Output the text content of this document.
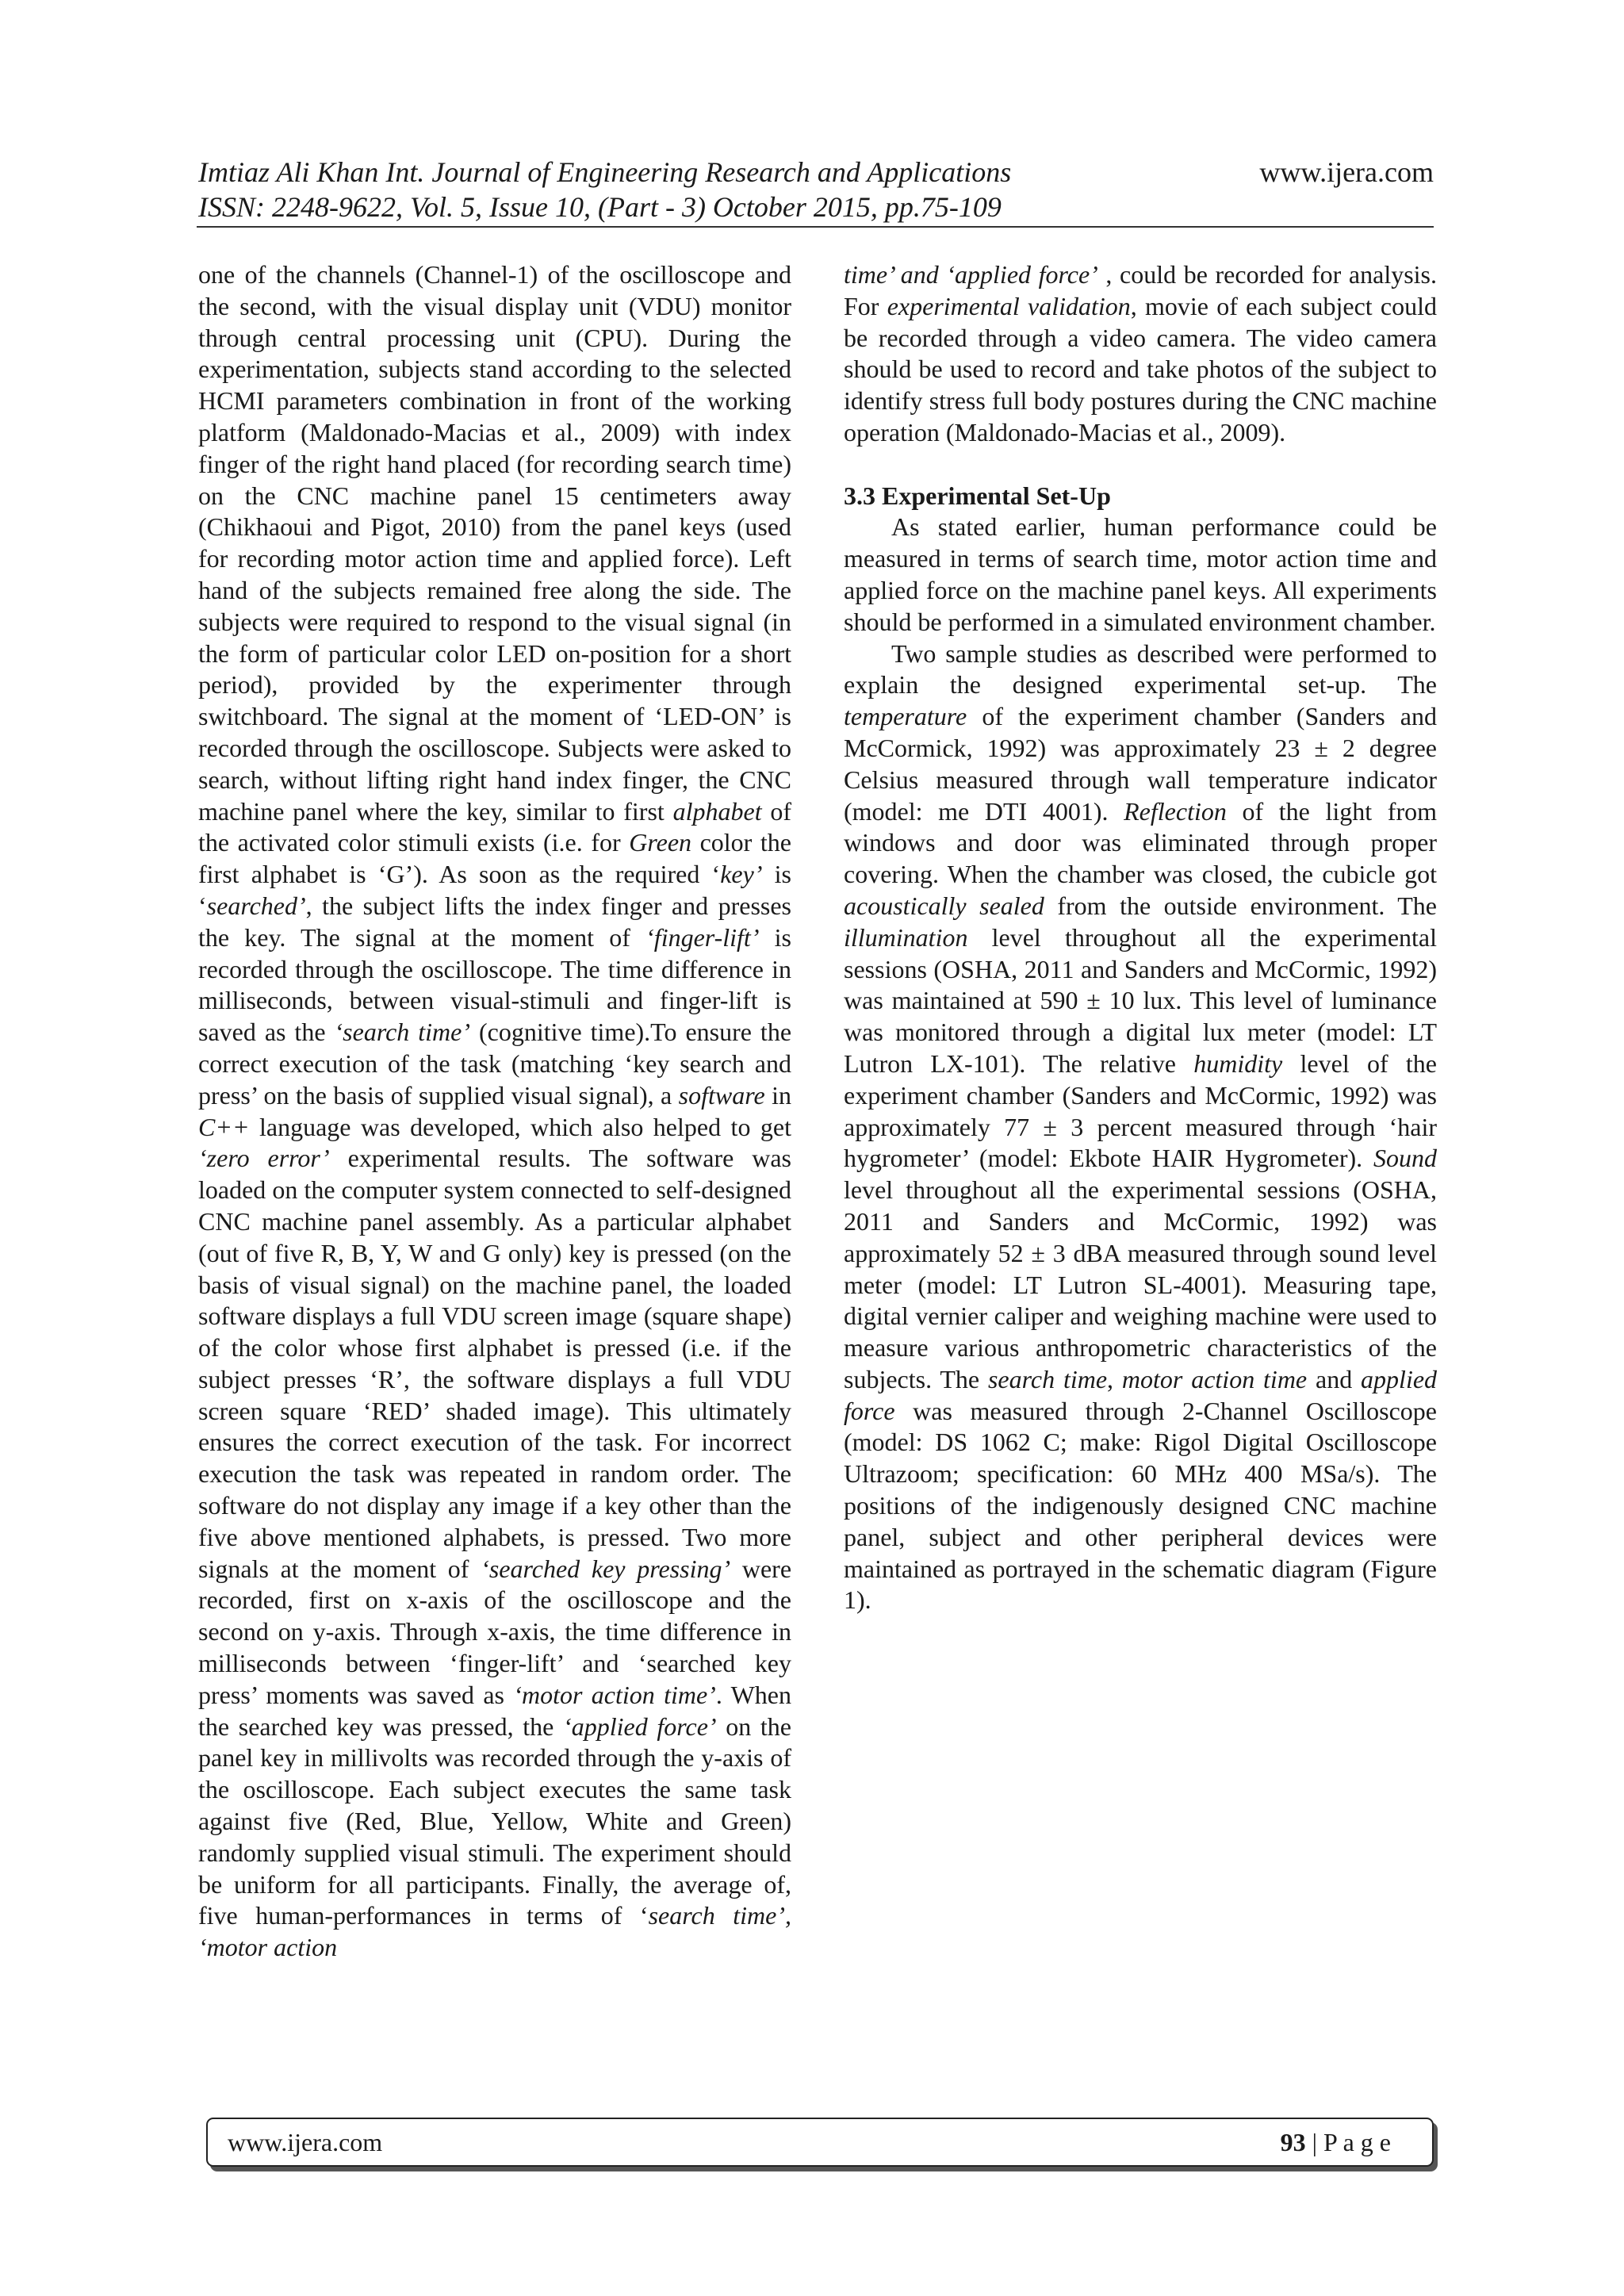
Imtiaz Ali Khan Int. Journal of Engineering Research and Applications
ISSN: 2248-9622, Vol. 5, Issue 10, (Part - 3) October 2015, pp.75-109
www.ijera.com

one of the channels (Channel-1) of the oscilloscope and the second, with the visual display unit (VDU) monitor through central processing unit (CPU). During the experimentation, subjects stand according to the selected HCMI parameters combination in front of the working platform (Maldonado-Macias et al., 2009) with index finger of the right hand placed (for recording search time) on the CNC machine panel 15 centimeters away (Chikhaoui and Pigot, 2010) from the panel keys (used for recording motor action time and applied force). Left hand of the subjects remained free along the side. The subjects were required to respond to the visual signal (in the form of particular color LED on-position for a short period), provided by the experimenter through switchboard. The signal at the moment of ‘LED-ON’ is recorded through the oscilloscope. Subjects were asked to search, without lifting right hand index finger, the CNC machine panel where the key, similar to first alphabet of the activated color stimuli exists (i.e. for Green color the first alphabet is ‘G’). As soon as the required ‘key’ is ‘searched’, the subject lifts the index finger and presses the key. The signal at the moment of ‘finger-lift’ is recorded through the oscilloscope. The time difference in milliseconds, between visual-stimuli and finger-lift is saved as the ‘search time’ (cognitive time).To ensure the correct execution of the task (matching ‘key search and press’ on the basis of supplied visual signal), a software in C++ language was developed, which also helped to get ‘zero error’ experimental results. The software was loaded on the computer system connected to self-designed CNC machine panel assembly. As a particular alphabet (out of five R, B, Y, W and G only) key is pressed (on the basis of visual signal) on the machine panel, the loaded software displays a full VDU screen image (square shape) of the color whose first alphabet is pressed (i.e. if the subject presses ‘R’, the software displays a full VDU screen square ‘RED’ shaded image). This ultimately ensures the correct execution of the task. For incorrect execution the task was repeated in random order. The software do not display any image if a key other than the five above mentioned alphabets, is pressed. Two more signals at the moment of ‘searched key pressing’ were recorded, first on x-axis of the oscilloscope and the second on y-axis. Through x-axis, the time difference in milliseconds between ‘finger-lift’ and ‘searched key press’ moments was saved as ‘motor action time’. When the searched key was pressed, the ‘applied force’ on the panel key in millivolts was recorded through the y-axis of the oscilloscope. Each subject executes the same task against five (Red, Blue, Yellow, White and Green) randomly supplied visual stimuli. The experiment should be uniform for all participants. Finally, the average of, five human-performances in terms of ‘search time’, ‘motor action

time’ and ‘applied force’ , could be recorded for analysis. For experimental validation, movie of each subject could be recorded through a video camera. The video camera should be used to record and take photos of the subject to identify stress full body postures during the CNC machine operation (Maldonado-Macias et al., 2009).

3.3 Experimental Set-Up

As stated earlier, human performance could be measured in terms of search time, motor action time and applied force on the machine panel keys. All experiments should be performed in a simulated environment chamber.

Two sample studies as described were performed to explain the designed experimental set-up. The temperature of the experiment chamber (Sanders and McCormick, 1992) was approximately 23 ± 2 degree Celsius measured through wall temperature indicator (model: me DTI 4001). Reflection of the light from windows and door was eliminated through proper covering. When the chamber was closed, the cubicle got acoustically sealed from the outside environment. The illumination level throughout all the experimental sessions (OSHA, 2011 and Sanders and McCormic, 1992) was maintained at 590 ± 10 lux. This level of luminance was monitored through a digital lux meter (model: LT Lutron LX-101). The relative humidity level of the experiment chamber (Sanders and McCormic, 1992) was approximately 77 ± 3 percent measured through ‘hair hygrometer’ (model: Ekbote HAIR Hygrometer). Sound level throughout all the experimental sessions (OSHA, 2011 and Sanders and McCormic, 1992) was approximately 52 ± 3 dBA measured through sound level meter (model: LT Lutron SL-4001). Measuring tape, digital vernier caliper and weighing machine were used to measure various anthropometric characteristics of the subjects. The search time, motor action time and applied force was measured through 2-Channel Oscilloscope (model: DS 1062 C; make: Rigol Digital Oscilloscope Ultrazoom; specification: 60 MHz 400 MSa/s). The positions of the indigenously designed CNC machine panel, subject and other peripheral devices were maintained as portrayed in the schematic diagram (Figure 1).

www.ijera.com	93 | P a g e
